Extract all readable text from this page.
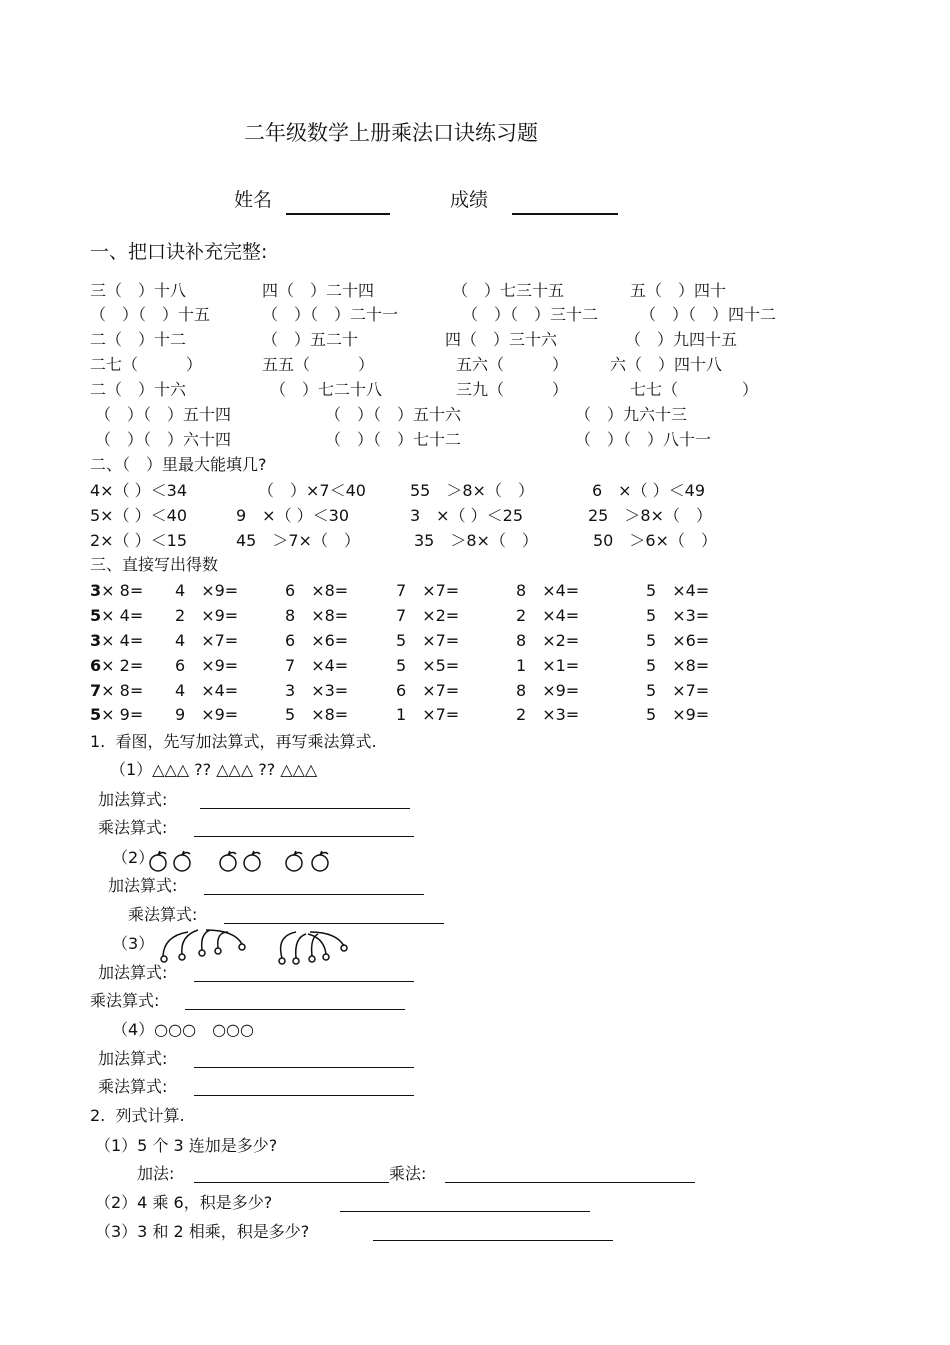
二年级数学上册乘法口诀练习题
姓名	成绩
一、把口诀补充完整:
三（　）十八	四（　）二十四	（　）七三十五	五（　）四十
（　）（　）十五	（　）（　）二十一	（　）（　）三十二	（　）（　）四十二
二（　）十二	（　）五二十	四（　）三十六	（　）九四十五
二七（　　　）	五五（　　　）	五六（　　　）	六（　）四十八
二（　）十六	（　）七二十八	三九（　　　）	七七（　　　　）
（　）（　）五十四	（　）（　）五十六	（　）九六十三
（　）（　）六十四	（　）（　）七十二	（　）（　）八十一
二、（　）里最大能填几?
4×（ ）＜34	（　）×7＜40	55　＞8×（　）	6　×（ ）＜49
5×（ ）＜40	9　×（ ）＜30	3　×（ ）＜25	25　＞8×（　）
2×（ ）＜15	45　＞7×（　）	35　＞8×（　）	50　＞6×（　）
三、直接写出得数
3× 8= 4　 ×9=	6　 ×8=	7　 ×7=	8　 ×4=	5　 ×4=
5× 4= 2　 ×9=	8　 ×8=	7　 ×2=	2　 ×4=	5　 ×3=
3× 4= 4　 ×7=	6　 ×6=	5　 ×7=	8　 ×2=	5　 ×6=
6× 2= 6　 ×9=	7　 ×4=	5　 ×5=	1　 ×1=	5　 ×8=
7× 8= 4　 ×4=	3　 ×3=	6　 ×7=	8　 ×9=	5　 ×7=
5× 9= 9　 ×9=	5　 ×8=	1　 ×7=	2　 ×3=	5　 ×9=
1.  看图，先写加法算式，再写乘法算式.
（1）△△△ ?? △△△ ?? △△△
加法算式:
乘法算式:
（2）
加法算式:
乘法算式:
（3）
加法算式:
乘法算式:
（4）○○○　○○○
加法算式:
乘法算式:
2.  列式计算.
（1）5 个 3 连加是多少?
加法:	乘法:
（2）4 乘 6，积是多少?
（3）3 和 2 相乘，积是多少?
